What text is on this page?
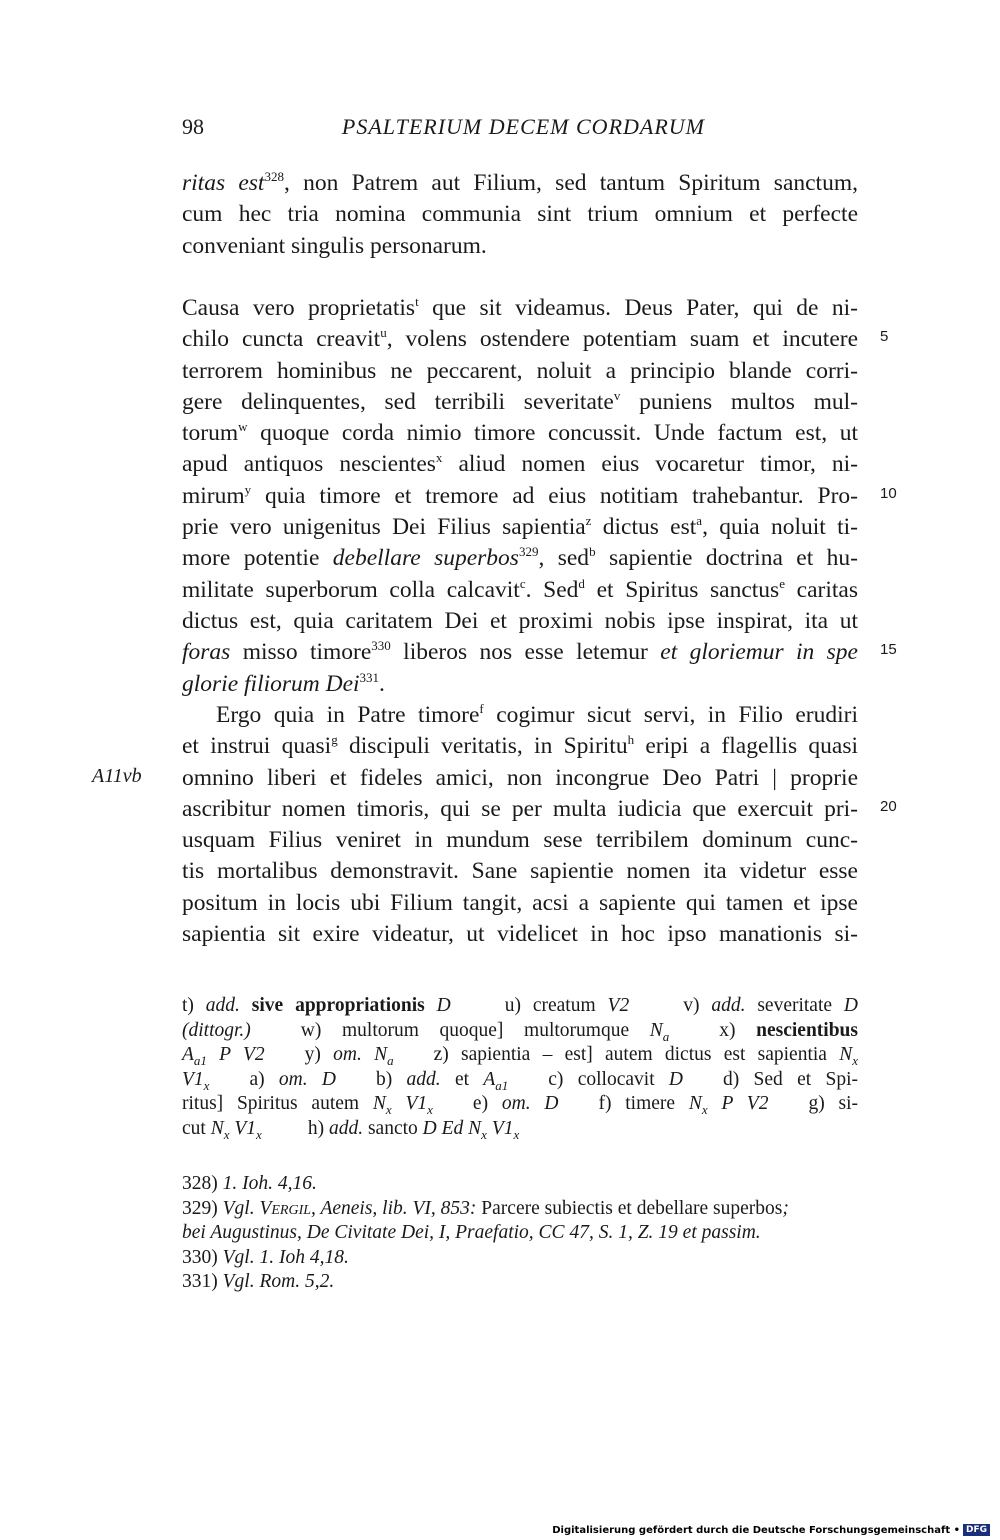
98	PSALTERIUM DECEM CORDARUM
ritas est$^{328}$, non Patrem aut Filium, sed tantum Spiritum sanctum,
cum hec tria nomina communia sint trium omnium et perfecte
conveniant singulis personarum.
Causa vero proprietatis$^t$ que sit videamus. Deus Pater, qui de ni-
chilo cuncta creavit$^u$, volens ostendere potentiam suam et incutere
terrorem hominibus ne peccarent, noluit a principio blande corri-
gere delinquentes, sed terribili severitate$^v$ puniens multos mul-
torum$^w$ quoque corda nimio timore concussit. Unde factum est, ut
apud antiquos nescientes$^x$ aliud nomen eius vocaretur timor, ni-
mirum$^y$ quia timore et tremore ad eius notitiam trahebantur. Pro-
prie vero unigenitus Dei Filius sapientia$^z$ dictus est$^a$, quia noluit ti-
more potentie debellare superbos$^{329}$, sed$^b$ sapientie doctrina et hu-
militate superborum colla calcavit$^c$. Sed$^d$ et Spiritus sanctus$^e$ caritas
dictus est, quia caritatem Dei et proximi nobis ipse inspirat, ita ut
foras misso timore$^{330}$ liberos nos esse letemur et gloriemur in spe
glorie filiorum Dei$^{331}$.
Ergo quia in Patre timore$^f$ cogimur sicut servi, in Filio erudiri
et instrui quasi$^g$ discipuli veritatis, in Spiritu$^h$ eripi a flagellis quasi
omnino liberi et fideles amici, non incongrue Deo Patri | proprie
ascribitur nomen timoris, qui se per multa iudicia que exercuit pri-
usquam Filius veniret in mundum sese terribilem dominum cunc-
tis mortalibus demonstravit. Sane sapientie nomen ita videtur esse
positum in locis ubi Filium tangit, acsi a sapiente qui tamen et ipse
sapientia sit exire videatur, ut videlicet in hoc ipso manationis si-
A11vb
5
10
15
20
t) add. sive appropriationis D	u) creatum V2	v) add. severitate D
(dittogr.)	w) multorum quoque] multorumque $N_a$	x) nescientibus
$A_{a1}$ P V2 y) om. $N_a$ z) sapientia – est] autem dictus est sapientia $N_x$
$V1_x$ a) om. D b) add. et $A_{a1}$ c) collocavit D d) Sed et Spi-
ritus] Spiritus autem $N_x$ $V1_x$ e) om. D f) timere $N_x$ P V2 g) si-
cut $N_x$ $V1_x$ h) add. sancto D Ed $N_x$ $V1_x$
328) 1. Ioh. 4,16.
329) Vgl. Vergil, Aeneis, lib. VI, 853: Parcere subiectis et debellare superbos;
bei Augustinus, De Civitate Dei, I, Praefatio, CC 47, S. 1, Z. 19 et passim.
330) Vgl. 1. Ioh 4,18.
331) Vgl. Rom. 5,2.
Digitalisierung gefördert durch die Deutsche Forschungsgemeinschaft • DFG
